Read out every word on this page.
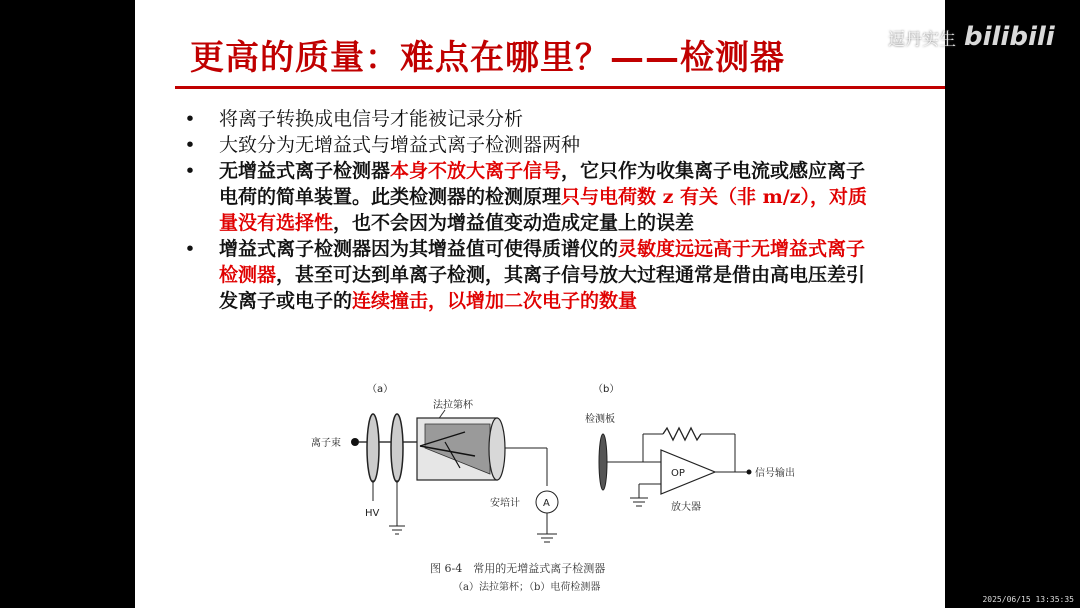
更高的质量：难点在哪里？——检测器
• 将离子转换成电信号才能被记录分析
• 大致分为无增益式与增益式离子检测器两种
• 无增益式离子检测器本身不放大离子信号，它只作为收集离子电流或感应离子电荷的简单装置。此类检测器的检测原理只与电荷数 z 有关（非 m/z），对质量没有选择性，也不会因为增益值变动造成定量上的误差
• 增益式离子检测器因为其增益值可使得质谱仪的灵敏度远远高于无增益式离子检测器，甚至可达到单离子检测，其离子信号放大过程通常是借由高电压差引发离子或电子的连续撞击，以增加二次电子的数量
（a）
法拉第杯
离子束
A
安培计
HV
（b）
检测板
OP	信号输出
放大器
图 6-4　常用的无增益式离子检测器
（a）法拉第杯；（b）电荷检测器
逗丹实生 bilibili
2025/06/15 13:35:35
